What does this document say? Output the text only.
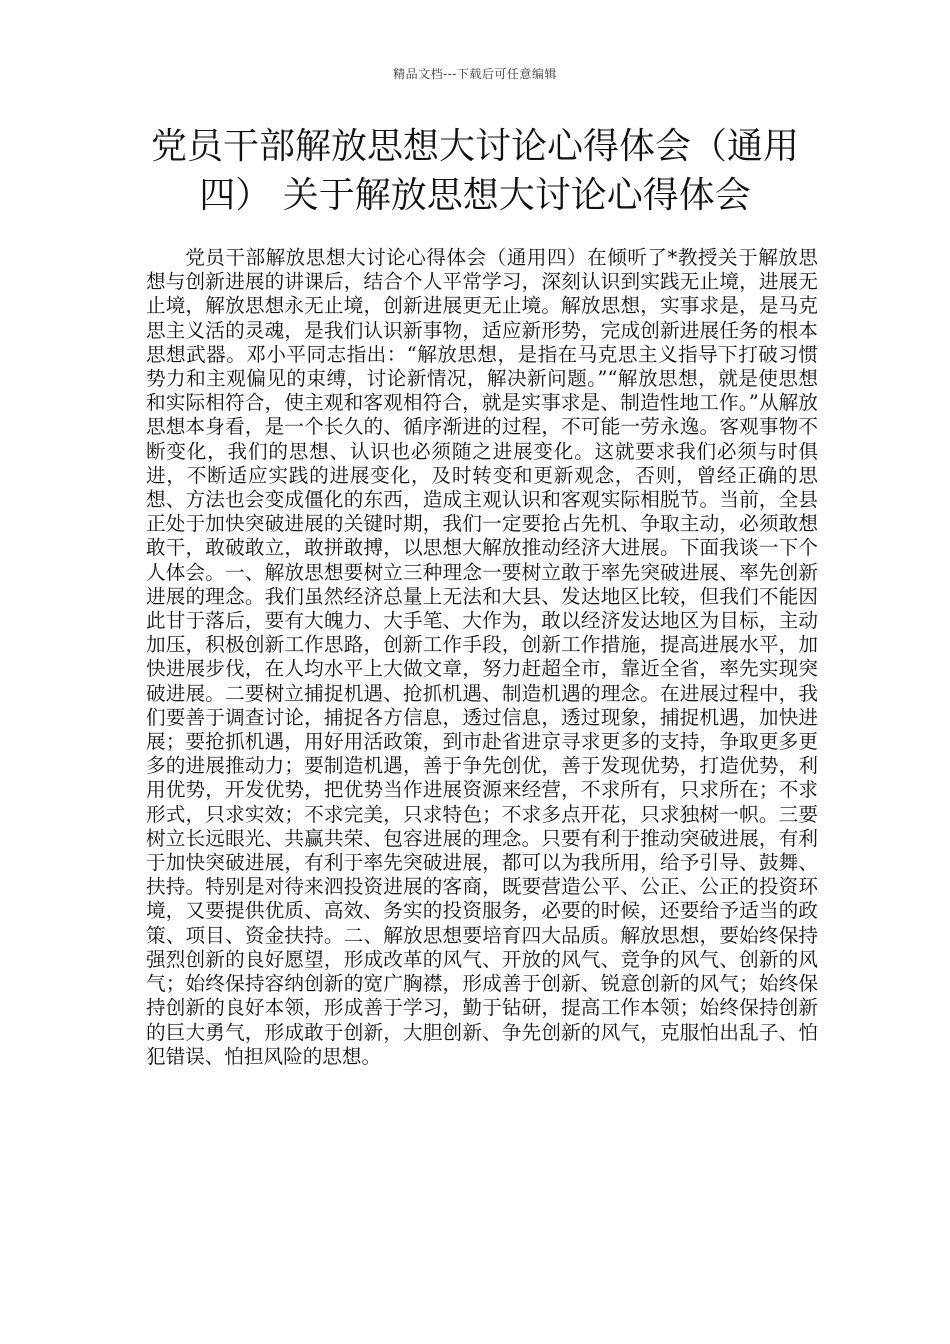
精品文档---下载后可任意编辑
党员干部解放思想大讨论心得体会（通用四） 关于解放思想大讨论心得体会

党员干部解放思想大讨论心得体会（通用四）在倾听了*教授关于解放思想与创新进展的讲课后，结合个人平常学习，深刻认识到实践无止境，进展无止境，解放思想永无止境，创新进展更无止境。解放思想，实事求是，是马克思主义活的灵魂，是我们认识新事物，适应新形势，完成创新进展任务的根本思想武器。邓小平同志指出：“解放思想，是指在马克思主义指导下打破习惯势力和主观偏见的束缚，讨论新情况，解决新问题。”“解放思想，就是使思想和实际相符合，使主观和客观相符合，就是实事求是、制造性地工作。”从解放思想本身看，是一个长久的、循序渐进的过程，不可能一劳永逸。客观事物不断变化，我们的思想、认识也必须随之进展变化。这就要求我们必须与时俱进，不断适应实践的进展变化，及时转变和更新观念，否则，曾经正确的思想、方法也会变成僵化的东西，造成主观认识和客观实际相脱节。当前，全县正处于加快突破进展的关键时期，我们一定要抢占先机、争取主动，必须敢想敢干，敢破敢立，敢拼敢搏，以思想大解放推动经济大进展。下面我谈一下个人体会。一、解放思想要树立三种理念一要树立敢于率先突破进展、率先创新进展的理念。我们虽然经济总量上无法和大县、发达地区比较，但我们不能因此甘于落后，要有大魄力、大手笔、大作为，敢以经济发达地区为目标，主动加压，积极创新工作思路，创新工作手段，创新工作措施，提高进展水平，加快进展步伐，在人均水平上大做文章，努力赶超全市，靠近全省，率先实现突破进展。二要树立捕捉机遇、抢抓机遇、制造机遇的理念。在进展过程中，我们要善于调查讨论，捕捉各方信息，透过信息，透过现象，捕捉机遇，加快进展；要抢抓机遇，用好用活政策，到市赴省进京寻求更多的支持，争取更多更多的进展推动力；要制造机遇，善于争先创优，善于发现优势，打造优势，利用优势，开发优势，把优势当作进展资源来经营，不求所有，只求所在；不求形式，只求实效；不求完美，只求特色；不求多点开花，只求独树一帜。三要树立长远眼光、共赢共荣、包容进展的理念。只要有利于推动突破进展，有利于加快突破进展，有利于率先突破进展，都可以为我所用，给予引导、鼓舞、扶持。特别是对待来泗投资进展的客商，既要营造公平、公正、公正的投资环境，又要提供优质、高效、务实的投资服务，必要的时候，还要给予适当的政策、项目、资金扶持。二、解放思想要培育四大品质。解放思想，要始终保持强烈创新的良好愿望，形成改革的风气、开放的风气、竞争的风气、创新的风气；始终保持容纳创新的宽广胸襟，形成善于创新、锐意创新的风气；始终保持创新的良好本领，形成善于学习，勤于钻研，提高工作本领；始终保持创新的巨大勇气，形成敢于创新，大胆创新、争先创新的风气，克服怕出乱子、怕犯错误、怕担风险的思想。
